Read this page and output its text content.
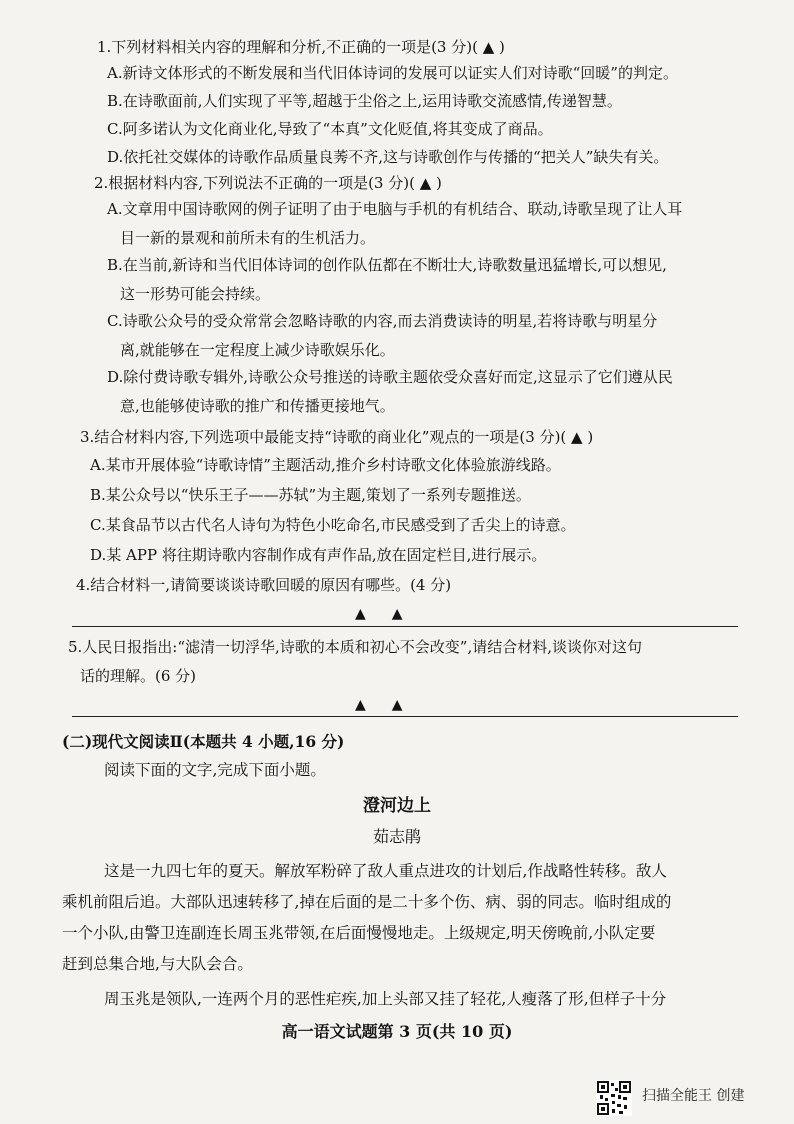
1.下列材料相关内容的理解和分析,不正确的一项是(3 分)( ▲ )
A.新诗文体形式的不断发展和当代旧体诗词的发展可以证实人们对诗歌“回暖”的判定。
B.在诗歌面前,人们实现了平等,超越于尘俗之上,运用诗歌交流感情,传递智慧。
C.阿多诺认为文化商业化,导致了“本真”文化贬值,将其变成了商品。
D.依托社交媒体的诗歌作品质量良莠不齐,这与诗歌创作与传播的“把关人”缺失有关。
2.根据材料内容,下列说法不正确的一项是(3 分)( ▲ )
A.文章用中国诗歌网的例子证明了由于电脑与手机的有机结合、联动,诗歌呈现了让人耳
目一新的景观和前所未有的生机活力。
B.在当前,新诗和当代旧体诗词的创作队伍都在不断壮大,诗歌数量迅猛增长,可以想见,
这一形势可能会持续。
C.诗歌公众号的受众常常会忽略诗歌的内容,而去消费读诗的明星,若将诗歌与明星分
离,就能够在一定程度上减少诗歌娱乐化。
D.除付费诗歌专辑外,诗歌公众号推送的诗歌主题依受众喜好而定,这显示了它们遵从民
意,也能够使诗歌的推广和传播更接地气。
3.结合材料内容,下列选项中最能支持“诗歌的商业化”观点的一项是(3 分)( ▲ )
A.某市开展体验“诗歌诗情”主题活动,推介乡村诗歌文化体验旅游线路。
B.某公众号以“快乐王子——苏轼”为主题,策划了一系列专题推送。
C.某食品节以古代名人诗句为特色小吃命名,市民感受到了舌尖上的诗意。
D.某 APP 将往期诗歌内容制作成有声作品,放在固定栏目,进行展示。
4.结合材料一,请简要谈谈诗歌回暖的原因有哪些。(4 分)
▲▲
5.人民日报指出:“滤清一切浮华,诗歌的本质和初心不会改变”,请结合材料,谈谈你对这句
话的理解。(6 分)
▲▲
(二)现代文阅读Ⅱ(本题共 4 小题,16 分)
阅读下面的文字,完成下面小题。
澄河边上
茹志鹃
这是一九四七年的夏天。解放军粉碎了敌人重点进攻的计划后,作战略性转移。敌人
乘机前阻后追。大部队迅速转移了,掉在后面的是二十多个伤、病、弱的同志。临时组成的
一个小队,由警卫连副连长周玉兆带领,在后面慢慢地走。上级规定,明天傍晚前,小队定要
赶到总集合地,与大队会合。
周玉兆是领队,一连两个月的恶性疟疾,加上头部又挂了轻花,人瘦落了形,但样子十分
高一语文试题第 3 页(共 10 页)
扫描全能王 创建
